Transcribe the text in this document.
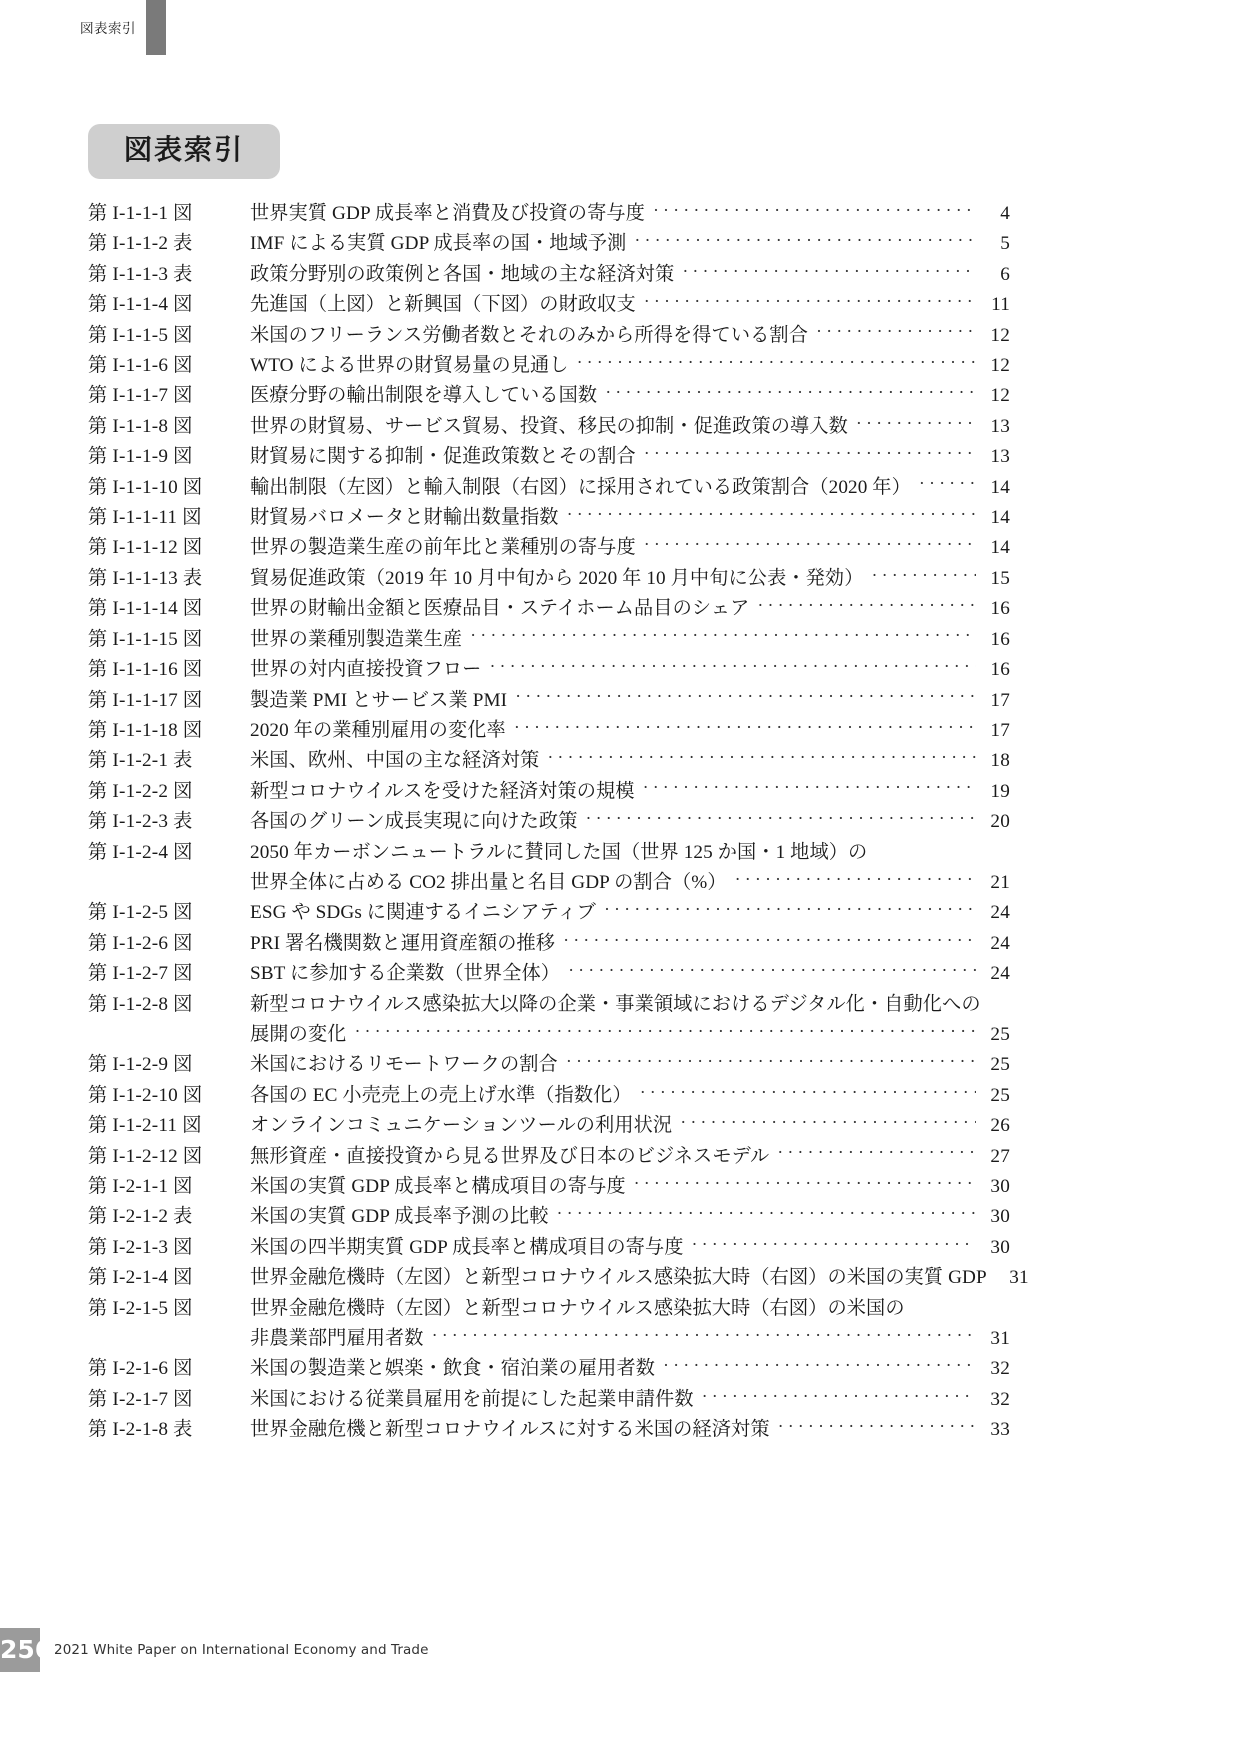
図表索引
図表索引
第 I-1-1-1 図	世界実質 GDP 成長率と消費及び投資の寄与度 ·····	4
第 I-1-1-2 表	IMF による実質 GDP 成長率の国・地域予測 ·····	5
第 I-1-1-3 表	政策分野別の政策例と各国・地域の主な経済対策 ·····	6
第 I-1-1-4 図	先進国（上図）と新興国（下図）の財政収支 ·····	11
第 I-1-1-5 図	米国のフリーランス労働者数とそれのみから所得を得ている割合 ·····	12
第 I-1-1-6 図	WTO による世界の財貿易量の見通し ·····	12
第 I-1-1-7 図	医療分野の輸出制限を導入している国数 ·····	12
第 I-1-1-8 図	世界の財貿易、サービス貿易、投資、移民の抑制・促進政策の導入数 ·····	13
第 I-1-1-9 図	財貿易に関する抑制・促進政策数とその割合 ·····	13
第 I-1-1-10 図	輸出制限（左図）と輸入制限（右図）に採用されている政策割合（2020 年） ·····	14
第 I-1-1-11 図	財貿易バロメータと財輸出数量指数 ·····	14
第 I-1-1-12 図	世界の製造業生産の前年比と業種別の寄与度 ·····	14
第 I-1-1-13 表	貿易促進政策（2019 年 10 月中旬から 2020 年 10 月中旬に公表・発効） ·····	15
第 I-1-1-14 図	世界の財輸出金額と医療品目・ステイホーム品目のシェア ·····	16
第 I-1-1-15 図	世界の業種別製造業生産 ·····	16
第 I-1-1-16 図	世界の対内直接投資フロー ·····	16
第 I-1-1-17 図	製造業 PMI とサービス業 PMI ·····	17
第 I-1-1-18 図	2020 年の業種別雇用の変化率 ·····	17
第 I-1-2-1 表	米国、欧州、中国の主な経済対策 ·····	18
第 I-1-2-2 図	新型コロナウイルスを受けた経済対策の規模 ·····	19
第 I-1-2-3 表	各国のグリーン成長実現に向けた政策 ·····	20
第 I-1-2-4 図	2050 年カーボンニュートラルに賛同した国（世界 125 か国・1 地域）の
世界全体に占める CO2 排出量と名目 GDP の割合（%） ·····	21
第 I-1-2-5 図	ESG や SDGs に関連するイニシアティブ ·····	24
第 I-1-2-6 図	PRI 署名機関数と運用資産額の推移 ·····	24
第 I-1-2-7 図	SBT に参加する企業数（世界全体） ·····	24
第 I-1-2-8 図	新型コロナウイルス感染拡大以降の企業・事業領域におけるデジタル化・自動化への
展開の変化 ·····	25
第 I-1-2-9 図	米国におけるリモートワークの割合 ·····	25
第 I-1-2-10 図	各国の EC 小売売上の売上げ水準（指数化） ·····	25
第 I-1-2-11 図	オンラインコミュニケーションツールの利用状況 ·····	26
第 I-1-2-12 図	無形資産・直接投資から見る世界及び日本のビジネスモデル ·····	27
第 I-2-1-1 図	米国の実質 GDP 成長率と構成項目の寄与度 ·····	30
第 I-2-1-2 表	米国の実質 GDP 成長率予測の比較 ·····	30
第 I-2-1-3 図	米国の四半期実質 GDP 成長率と構成項目の寄与度 ·····	30
第 I-2-1-4 図	世界金融危機時（左図）と新型コロナウイルス感染拡大時（右図）の米国の実質 GDP	31
第 I-2-1-5 図	世界金融危機時（左図）と新型コロナウイルス感染拡大時（右図）の米国の
非農業部門雇用者数 ·····	31
第 I-2-1-6 図	米国の製造業と娯楽・飲食・宿泊業の雇用者数 ·····	32
第 I-2-1-7 図	米国における従業員雇用を前提にした起業申請件数 ·····	32
第 I-2-1-8 表	世界金融危機と新型コロナウイルスに対する米国の経済対策 ·····	33
256 2021 White Paper on International Economy and Trade
